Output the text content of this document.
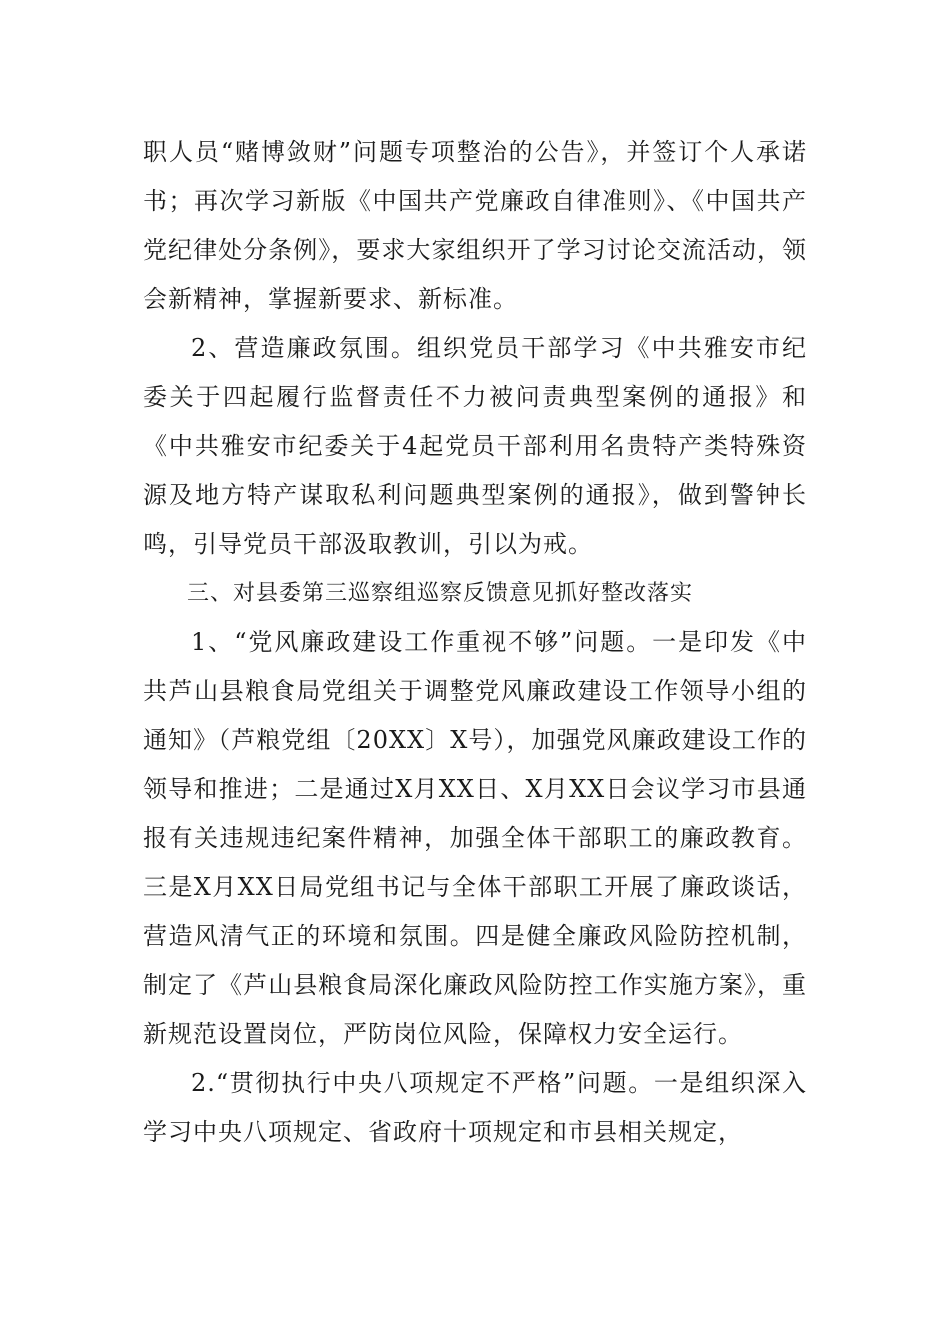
职人员“赌博敛财”问题专项整治的公告》，并签订个人承诺书；再次学习新版《中国共产党廉政自律准则》、《中国共产党纪律处分条例》，要求大家组织开了学习讨论交流活动，领会新精神，掌握新要求、新标准。

2、营造廉政氛围。组织党员干部学习《中共雅安市纪委关于四起履行监督责任不力被问责典型案例的通报》和《中共雅安市纪委关于4起党员干部利用名贵特产类特殊资源及地方特产谋取私利问题典型案例的通报》，做到警钟长鸣，引导党员干部汲取教训，引以为戒。

三、对县委第三巡察组巡察反馈意见抓好整改落实

1、“党风廉政建设工作重视不够”问题。一是印发《中共芦山县粮食局党组关于调整党风廉政建设工作领导小组的通知》（芦粮党组〔20XX〕X号），加强党风廉政建设工作的领导和推进；二是通过X月XX日、X月XX日会议学习市县通报有关违规违纪案件精神，加强全体干部职工的廉政教育。三是X月XX日局党组书记与全体干部职工开展了廉政谈话，营造风清气正的环境和氛围。四是健全廉政风险防控机制，制定了《芦山县粮食局深化廉政风险防控工作实施方案》，重新规范设置岗位，严防岗位风险，保障权力安全运行。

2.“贯彻执行中央八项规定不严格”问题。一是组织深入学习中央八项规定、省政府十项规定和市县相关规定，
